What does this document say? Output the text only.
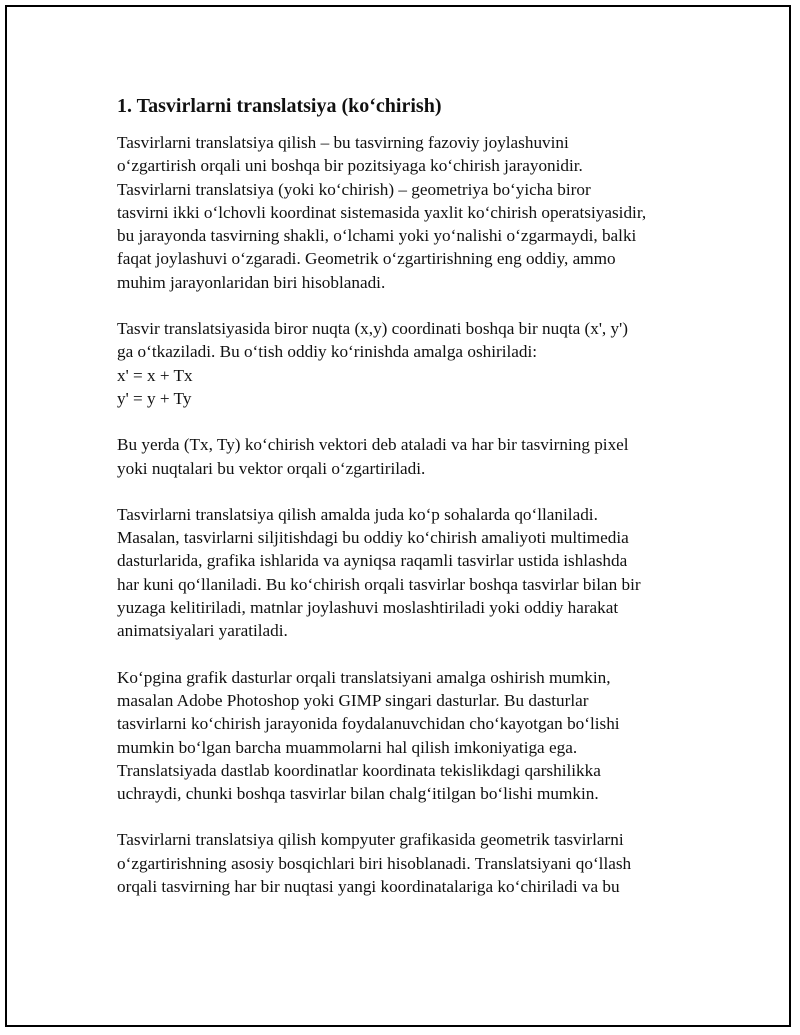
1. Tasvirlarni translatsiya (ko‘chirish)
Tasvirlarni translatsiya qilish – bu tasvirning fazoviy joylashuvini
o‘zgartirish orqali uni boshqa bir pozitsiyaga ko‘chirish jarayonidir.
Tasvirlarni translatsiya (yoki ko‘chirish) – geometriya bo‘yicha biror
tasvirni ikki o‘lchovli koordinat sistemasida yaxlit ko‘chirish operatsiyasidir,
bu jarayonda tasvirning shakli, o‘lchami yoki yo‘nalishi o‘zgarmaydi, balki
faqat joylashuvi o‘zgaradi. Geometrik o‘zgartirishning eng oddiy, ammo
muhim jarayonlaridan biri hisoblanadi.
Tasvir translatsiyasida biror nuqta (x,y) coordinati boshqa bir nuqta (x', y')
ga o‘tkaziladi. Bu o‘tish oddiy ko‘rinishda amalga oshiriladi:
x' = x + Tx
y' = y + Ty
Bu yerda (Tx, Ty) ko‘chirish vektori deb ataladi va har bir tasvirning pixel
yoki nuqtalari bu vektor orqali o‘zgartiriladi.
Tasvirlarni translatsiya qilish amalda juda ko‘p sohalarda qo‘llaniladi.
Masalan, tasvirlarni siljitishdagi bu oddiy ko‘chirish amaliyoti multimedia
dasturlarida, grafika ishlarida va ayniqsa raqamli tasvirlar ustida ishlashda
har kuni qo‘llaniladi. Bu ko‘chirish orqali tasvirlar boshqa tasvirlar bilan bir
yuzaga kelitiriladi, matnlar joylashuvi moslashtiriladi yoki oddiy harakat
animatsiyalari yaratiladi.
Ko‘pgina grafik dasturlar orqali translatsiyani amalga oshirish mumkin,
masalan Adobe Photoshop yoki GIMP singari dasturlar. Bu dasturlar
tasvirlarni ko‘chirish jarayonida foydalanuvchidan cho‘kayotgan bo‘lishi
mumkin bo‘lgan barcha muammolarni hal qilish imkoniyatiga ega.
Translatsiyada dastlab koordinatlar koordinata tekislikdagi qarshilikka
uchraydi, chunki boshqa tasvirlar bilan chalg‘itilgan bo‘lishi mumkin.
Tasvirlarni translatsiya qilish kompyuter grafikasida geometrik tasvirlarni
o‘zgartirishning asosiy bosqichlari biri hisoblanadi. Translatsiyani qo‘llash
orqali tasvirning har bir nuqtasi yangi koordinatalariga ko‘chiriladi va bu
